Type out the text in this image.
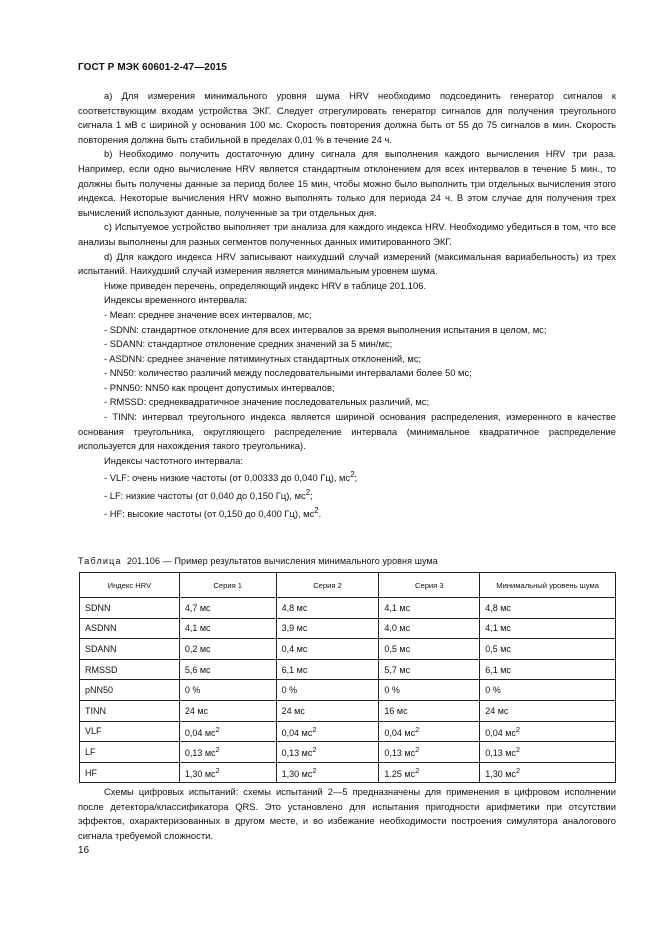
ГОСТ Р МЭК 60601-2-47—2015

а) Для измерения минимального уровня шума HRV необходимо подсоединить генератор сигналов к соответствующим входам устройства ЭКГ. Следует отрегулировать генератор сигналов для получения треугольного сигнала 1 мВ с шириной у основания 100 мс. Скорость повторения должна быть от 55 до 75 сигналов в мин. Скорость повторения должна быть стабильной в пределах 0,01 % в течение 24 ч.

b) Необходимо получить достаточную длину сигнала для выполнения каждого вычисления HRV три раза. Например, если одно вычисление HRV является стандартным отклонением для всех интервалов в течение 5 мин., то должны быть получены данные за период более 15 мин, чтобы можно было выполнить три отдельных вычисления этого индекса. Некоторые вычисления HRV можно выполнять только для периода 24 ч. В этом случае для получения трех вычислений используют данные, полученные за три отдельных дня.

с) Испытуемое устройство выполняет три анализа для каждого индекса HRV. Необходимо убедиться в том, что все анализы выполнены для разных сегментов полученных данных имитированного ЭКГ.

d) Для каждого индекса HRV записывают наихудший случай измерений (максимальная вариабельность) из трех испытаний. Наихудший случай измерения является минимальным уровнем шума.

Ниже приведен перечень, определяющий индекс HRV в таблице 201.106.

Индексы временного интервала:

- Mean: среднее значение всех интервалов, мс;

- SDNN: стандартное отклонение для всех интервалов за время выполнения испытания в целом, мс;

- SDANN: стандартное отклонение средних значений за 5 мин/мс;

- ASDNN: среднее значение пятиминутных стандартных отклонений, мс;

- NN50: количество различий между последовательными интервалами более 50 мс;

- PNN50: NN50 как процент допустимых интервалов;

- RMSSD: среднеквадратичное значение последовательных различий, мс;

- TINN: интервал треугольного индекса является шириной основания распределения, измеренного в качестве основания треугольника, округляющего распределение интервала (минимальное квадратичное распределение используется для нахождения такого треугольника).

Индексы частотного интервала:

- VLF: очень низкие частоты (от 0,00333 до 0,040 Гц), $мс^2$;

- LF: низкие частоты (от 0,040 до 0,150 Гц), $мс^2$;

- HF: высокие частоты (от 0,150 до 0,400 Гц), $мс^2$.

Таблица 201.106 — Пример результатов вычисления минимального уровня шума
Индекс HRV	Серия 1	Серия 2	Серия 3	Минимальный уровень шума
SDNN	4,7 мс	4,8 мс	4,1 мс	4,8 мс
ASDNN	4,1 мс	3,9 мс	4,0 мс	4,1 мс
SDANN	0,2 мс	0,4 мс	0,5 мс	0,5 мс
RMSSD	5,6 мс	6,1 мс	5,7 мс	6,1 мс
pNN50	0 %	0 %	0 %	0 %
TINN	24 мс	24 мс	16 мс	24 мс
VLF	0,04 $мс^2$	0,04 $мс^2$	0,04 $мс^2$	0,04 $мс^2$
LF	0,13 $мс^2$	0,13 $мс^2$	0,13 $мс^2$	0,13 $мс^2$
HF	1,30 $мс^2$	1,30 $мс^2$	1.25 $мс^2$	1,30 $мс^2$

Схемы цифровых испытаний: схемы испытаний 2—5 предназначены для применения в цифровом исполнении после детектора/классификатора QRS. Это установлено для испытания пригодности арифметики при отсутствии эффектов, охарактеризованных в другом месте, и во избежание необходимости построения симулятора аналогового сигнала требуемой сложности.

16
